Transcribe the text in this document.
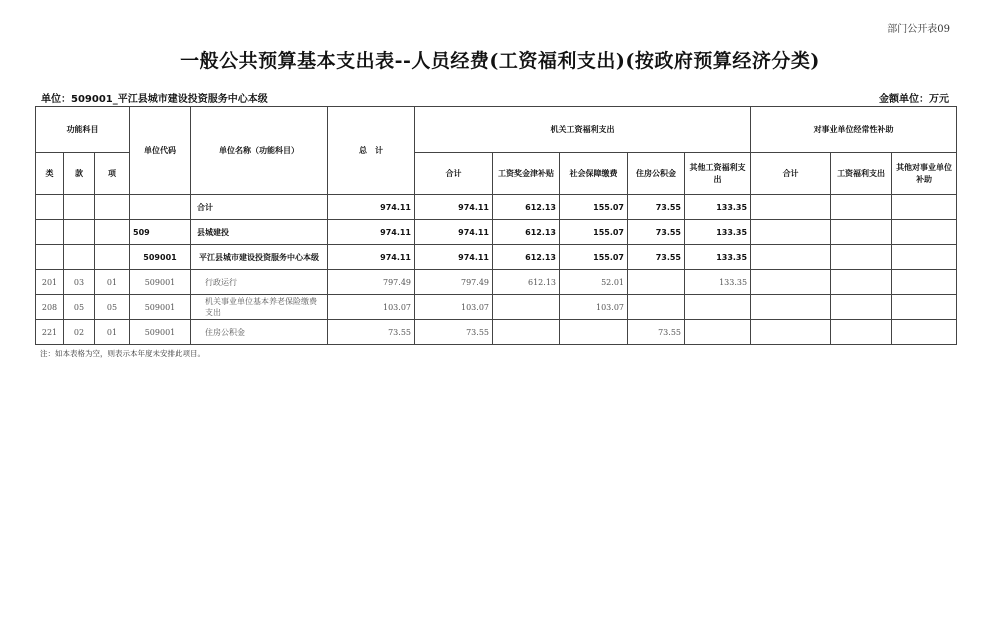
部门公开表09
一般公共预算基本支出表--人员经费(工资福利支出)(按政府预算经济分类)
单位：509001_平江县城市建设投资服务中心本级	金额单位：万元
功能科目			单位代码	单位名称（功能科目）	总　计	机关工资福利支出					对事业单位经常性补助		
类	款	项				合计	工资奖金津补贴	社会保障缴费	住房公积金	其他工资福利支出	合计	工资福利支出	其他对事业单位补助
				合计	974.11	974.11	612.13	155.07	73.55	133.35			
			509	县城建投	974.11	974.11	612.13	155.07	73.55	133.35			
			509001	平江县城市建设投资服务中心本级	974.11	974.11	612.13	155.07	73.55	133.35			
201	03	01	509001	行政运行	797.49	797.49	612.13	52.01		133.35			
208	05	05	509001	机关事业单位基本养老保险缴费支出	103.07	103.07		103.07					
221	02	01	509001	住房公积金	73.55	73.55			73.55				
注：如本表格为空，则表示本年度未安排此项目。
